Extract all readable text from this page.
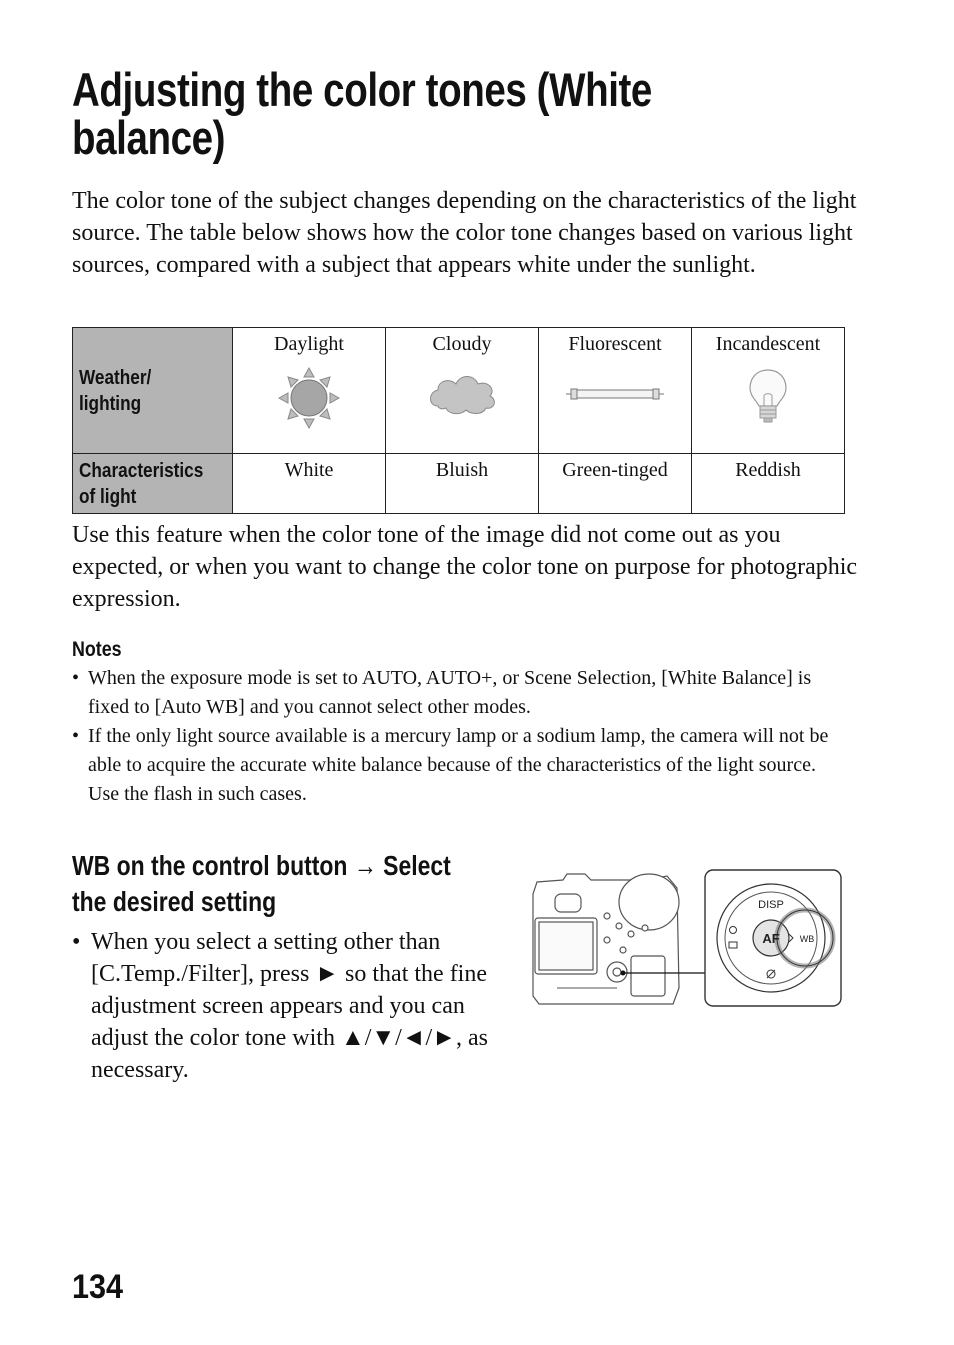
Adjusting the color tones (White
balance)

The color tone of the subject changes depending on the characteristics of the light source. The table below shows how the color tone changes based on various light sources, compared with a subject that appears white under the sunlight.

Weather/
lighting	Daylight	Cloudy	Fluorescent	Incandescent

Characteristics
of light	White	Bluish	Green-tinged	Reddish

Use this feature when the color tone of the image did not come out as you expected, or when you want to change the color tone on purpose for photographic expression.

Notes
• When the exposure mode is set to AUTO, AUTO+, or Scene Selection, [White Balance] is fixed to [Auto WB] and you cannot select other modes.
• If the only light source available is a mercury lamp or a sodium lamp, the camera will not be able to acquire the accurate white balance because of the characteristics of the light source. Use the flash in such cases.
WB on the control button → Select
the desired setting
• When you select a setting other than [C.Temp./Filter], press ► so that the fine adjustment screen appears and you can adjust the color tone with ▲/▼/◄/►, as necessary.
DISP
AF WB
134
